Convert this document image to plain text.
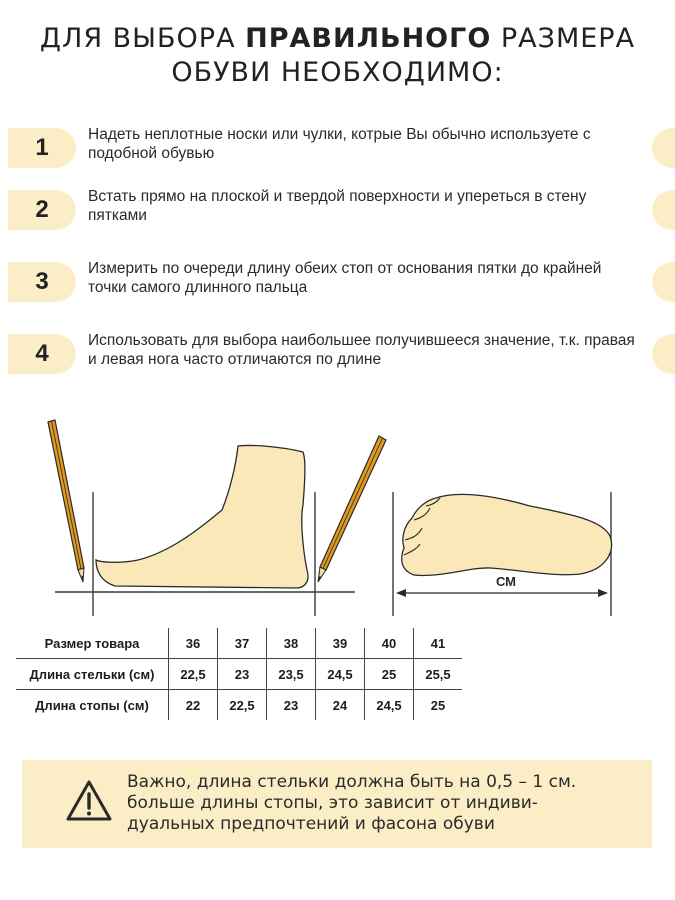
ДЛЯ ВЫБОРА ПРАВИЛЬНОГО РАЗМЕРА
ОБУВИ НЕОБХОДИМО:
1	Надеть неплотные носки или чулки, котрые Вы обычно используете с подобной обувью
2	Встать прямо на плоской и твердой поверхности и упереться в стену пятками
3	Измерить по очереди длину обеих стоп от основания пятки до крайней точки самого длинного пальца
4	Использовать для выбора наибольшее получившееся значение, т.к. правая и левая нога часто отличаются по длине
СМ
Размер товара	36	37	38	39	40	41
Длина стельки (см)	22,5	23	23,5	24,5	25	25,5
Длина стопы (см)	22	22,5	23	24	24,5	25
Важно, длина стельки должна быть на 0,5 – 1 см.
больше длины стопы, это зависит от индиви-
дуальных предпочтений и фасона обуви
